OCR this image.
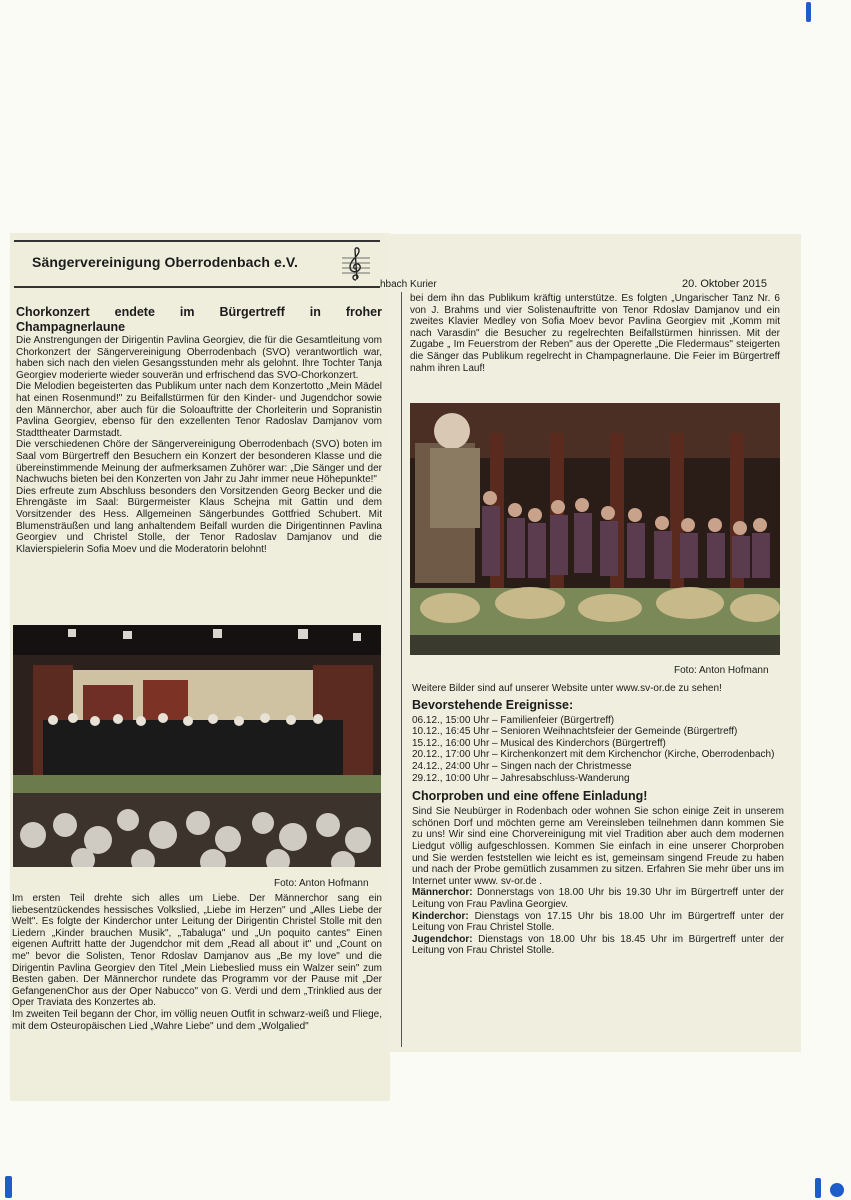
Sängervereinigung Oberrodenbach e.V.
hbach Kurier	20. Oktober 2015
Chorkonzert endete im Bürgertreff in froher Champagnerlaune

Die Anstrengungen der Dirigentin Pavlina Georgiev, die für die Gesamtleitung vom Chorkonzert der Sängervereinigung Oberrodenbach (SVO) verantwortlich war, haben sich nach den vielen Gesangsstunden mehr als gelohnt. Ihre Tochter Tanja Georgiev moderierte wieder souverän und erfrischend das SVO-Chorkonzert.

Die Melodien begeisterten das Publikum unter nach dem Konzertotto „Mein Mädel hat einen Rosenmund!" zu Beifallstürmen für den Kinder- und Jugendchor sowie den Männerchor, aber auch für die Soloauftritte der Chorleiterin und Sopranistin Pavlina Georgiev, ebenso für den exzellenten Tenor Radoslav Damjanov vom Stadttheater Darmstadt.

Die verschiedenen Chöre der Sängervereinigung Oberrodenbach (SVO) boten im Saal vom Bürgertreff den Besuchern ein Konzert der besonderen Klasse und die übereinstimmende Meinung der aufmerksamen Zuhörer war: „Die Sänger und der Nachwuchs bieten bei den Konzerten von Jahr zu Jahr immer neue Höhepunkte!"

Dies erfreute zum Abschluss besonders den Vorsitzenden Georg Becker und die Ehrengäste im Saal: Bürgermeister Klaus Schejna mit Gattin und dem Vorsitzender des Hess. Allgemeinen Sängerbundes Gottfried Schubert. Mit Blumensträußen und lang anhaltendem Beifall wurden die Dirigentinnen Pavlina Georgiev und Christel Stolle, der Tenor Radoslav Damjanov und die Klavierspielerin Sofia Moev und die Moderatorin belohnt!

Foto: Anton Hofmann

Im ersten Teil drehte sich alles um Liebe. Der Männerchor sang ein liebesentzückendes hessisches Volkslied, „Liebe im Herzen" und „Alles Liebe der Welt". Es folgte der Kinderchor unter Leitung der Dirigentin Christel Stolle mit den Liedern „Kinder brauchen Musik", „Tabaluga" und „Un poquito cantes" Einen eigenen Auftritt hatte der Jugendchor mit dem „Read all about it" und „Count on me" bevor die Solisten, Tenor Rdoslav Damjanov aus „Be my love" und die Dirigentin Pavlina Georgiev den Titel „Mein Liebeslied muss ein Walzer sein" zum Besten gaben. Der Männerchor rundete das Programm vor der Pause mit „Der GefangenenChor aus der Oper Nabucco" von G. Verdi und dem „Trinklied aus der Oper Traviata des Konzertes ab.

Im zweiten Teil begann der Chor, im völlig neuen Outfit in schwarz-weiß und Fliege, mit dem Osteuropäischen Lied „Wahre Liebe" und dem „Wolgalied"

bei dem ihn das Publikum kräftig unterstütze. Es folgten „Ungarischer Tanz Nr. 6 von J. Brahms und vier Solistenauftritte von Tenor Rdoslav Damjanov und ein zweites Klavier Medley von Sofia Moev bevor Pavlina Georgiev mit „Komm mit nach Varasdin" die Besucher zu regelrechten Beifallstürmen hinrissen. Mit der Zugabe „ Im Feuerstrom der Reben" aus der Operette „Die Fledermaus" steigerten die Sänger das Publikum regelrecht in Champagnerlaune. Die Feier im Bürgertreff nahm ihren Lauf!

Foto: Anton Hofmann

Weitere Bilder sind auf unserer Website unter www.sv-or.de zu sehen!

Bevorstehende Ereignisse:
06.12., 15:00 Uhr – Familienfeier (Bürgertreff)
10.12., 16:45 Uhr – Senioren Weihnachtsfeier der Gemeinde (Bürgertreff)
15.12., 16:00 Uhr – Musical des Kinderchors (Bürgertreff)
20.12., 17:00 Uhr – Kirchenkonzert mit dem Kirchenchor (Kirche, Oberrodenbach)
24.12., 24:00 Uhr – Singen nach der Christmesse
29.12., 10:00 Uhr – Jahresabschluss-Wanderung
Chorproben und eine offene Einladung!

Sind Sie Neubürger in Rodenbach oder wohnen Sie schon einige Zeit in unserem schönen Dorf und möchten gerne am Vereinsleben teilnehmen dann kommen Sie zu uns! Wir sind eine Chorvereinigung mit viel Tradition aber auch dem modernen Liedgut völlig aufgeschlossen. Kommen Sie einfach in eine unserer Chorproben und Sie werden feststellen wie leicht es ist, gemeinsam singend Freude zu haben und nach der Probe gemütlich zusammen zu sitzen. Erfahren Sie mehr über uns im Internet unter www. sv-or.de .

Männerchor: Donnerstags von 18.00 Uhr bis 19.30 Uhr im Bürgertreff unter der Leitung von Frau Pavlina Georgiev.

Kinderchor: Dienstags von 17.15 Uhr bis 18.00 Uhr im Bürgertreff unter der Leitung von Frau Christel Stolle.

Jugendchor: Dienstags von 18.00 Uhr bis 18.45 Uhr im Bürgertreff unter der Leitung von Frau Christel Stolle.
